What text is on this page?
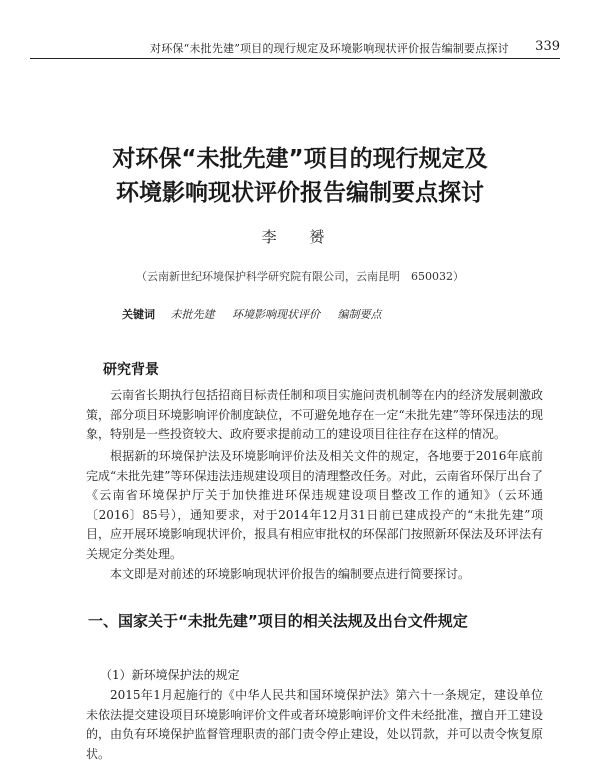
对环保“未批先建”项目的现行规定及环境影响现状评价报告编制要点探讨 339
对环保“未批先建”项目的现行规定及
环境影响现状评价报告编制要点探讨
李 赟
（云南新世纪环境保护科学研究院有限公司，云南昆明　650032）
关键词 未批先建 环境影响现状评价 编制要点
研究背景

云南省长期执行包括招商目标责任制和项目实施问责机制等在内的经济发展刺激政策，部分项目环境影响评价制度缺位，不可避免地存在一定“未批先建”等环保违法的现象，特别是一些投资较大、政府要求提前动工的建设项目往往存在这样的情况。

根据新的环境保护法及环境影响评价法及相关文件的规定，各地要于2016年底前完成“未批先建”等环保违法违规建设项目的清理整改任务。对此，云南省环保厅出台了《云南省环境保护厅关于加快推进环保违规建设项目整改工作的通知》（云环通〔2016〕85号），通知要求，对于2014年12月31日前已建成投产的“未批先建”项目，应开展环境影响现状评价，报具有相应审批权的环保部门按照新环保法及环评法有关规定分类处理。

本文即是对前述的环境影响现状评价报告的编制要点进行简要探讨。

一、国家关于“未批先建”项目的相关法规及出台文件规定
（1）新环境保护法的规定

2015年1月起施行的《中华人民共和国环境保护法》第六十一条规定，建设单位未依法提交建设项目环境影响评价文件或者环境影响评价文件未经批准，擅自开工建设的，由负有环境保护监督管理职责的部门责令停止建设，处以罚款，并可以责令恢复原状。
